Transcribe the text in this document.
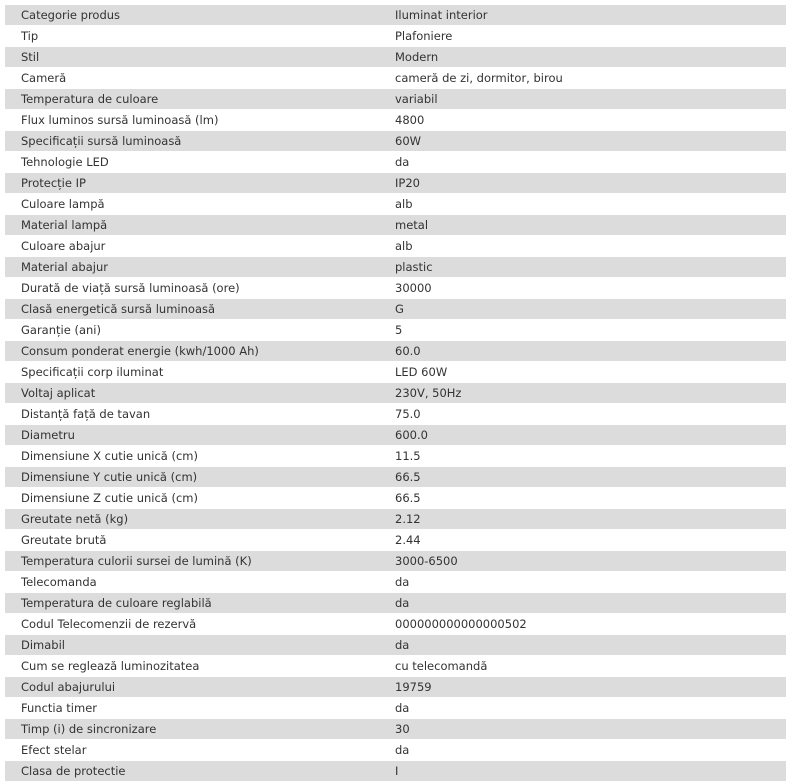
Categorie produs	Iluminat interior
Tip	Plafoniere
Stil	Modern
Cameră	cameră de zi, dormitor, birou
Temperatura de culoare	variabil
Flux luminos sursă luminoasă (lm)	4800
Specificații sursă luminoasă	60W
Tehnologie LED	da
Protecție IP	IP20
Culoare lampă	alb
Material lampă	metal
Culoare abajur	alb
Material abajur	plastic
Durată de viață sursă luminoasă (ore)	30000
Clasă energetică sursă luminoasă	G
Garanție (ani)	5
Consum ponderat energie (kwh/1000 Ah)	60.0
Specificații corp iluminat	LED 60W
Voltaj aplicat	230V, 50Hz
Distanță față de tavan	75.0
Diametru	600.0
Dimensiune X cutie unică (cm)	11.5
Dimensiune Y cutie unică (cm)	66.5
Dimensiune Z cutie unică (cm)	66.5
Greutate netă (kg)	2.12
Greutate brută	2.44
Temperatura culorii sursei de lumină (K)	3000-6500
Telecomanda	da
Temperatura de culoare reglabilă	da
Codul Telecomenzii de rezervă	000000000000000502
Dimabil	da
Cum se reglează luminozitatea	cu telecomandă
Codul abajurului	19759
Functia timer	da
Timp (i) de sincronizare	30
Efect stelar	da
Clasa de protectie	I
